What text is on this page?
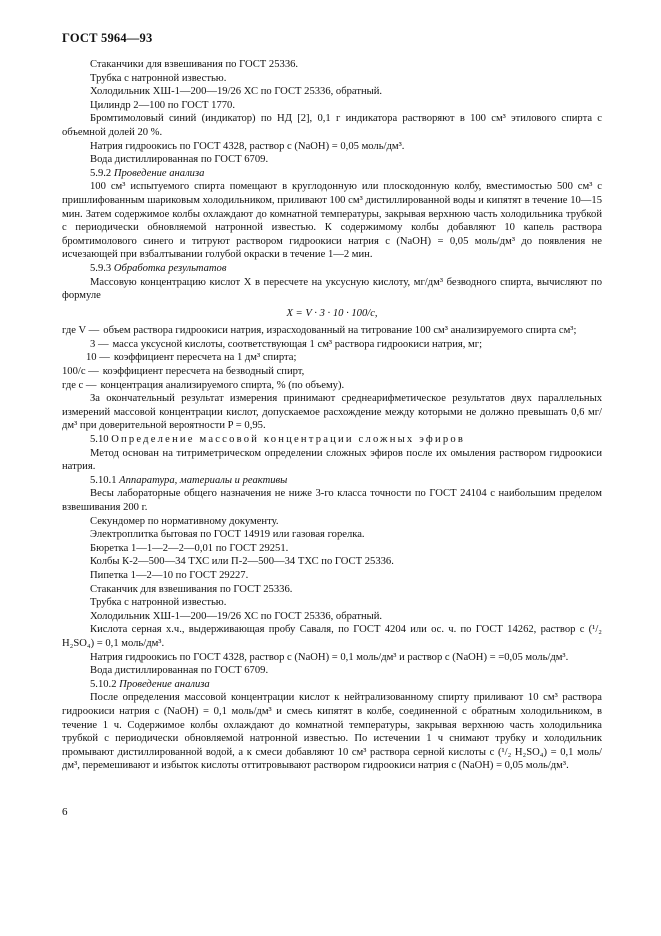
ГОСТ 5964—93

Стаканчики для взвешивания по ГОСТ 25336.

Трубка с натронной известью.

Холодильник ХШ-1—200—19/26 ХС по ГОСТ 25336, обратный.

Цилиндр 2—100 по ГОСТ 1770.

Бромтимоловый синий (индикатор) по НД [2], 0,1 г индикатора растворяют в 100 см³ этилового спирта с объемной долей 20 %.

Натрия гидроокись по ГОСТ 4328, раствор c (NaOH) = 0,05 моль/дм³.

Вода дистиллированная по ГОСТ 6709.

5.9.2 Проведение анализа

100 см³ испытуемого спирта помещают в круглодонную или плоскодонную колбу, вместимостью 500 см³ с пришлифованным шариковым холодильником, приливают 100 см³ дистиллированной воды и кипятят в течение 10—15 мин. Затем содержимое колбы охлаждают до комнатной температуры, закрывая верхнюю часть холодильника трубкой с периодически обновляемой натронной известью. К содержимому колбы добавляют 10 капель раствора бромтимолового синего и титруют раствором гидроокиси натрия c (NaOH) = 0,05 моль/дм³ до появления не исчезающей при взбалтывании голубой окраски в течение 1—2 мин.

5.9.3 Обработка результатов

Массовую концентрацию кислот X в пересчете на уксусную кислоту, мг/дм³ безводного спирта, вычисляют по формуле

X = V · 3 · 10 · 100/c,

где V — объем раствора гидроокиси натрия, израсходованный на титрование 100 см³ анализируемого спирта см³;
3 — масса уксусной кислоты, соответствующая 1 см³ раствора гидроокиси натрия, мг;
10 — коэффициент пересчета на 1 дм³ спирта;
100/c — коэффициент пересчета на безводный спирт,
где c — концентрация анализируемого спирта, % (по объему).

За окончательный результат измерения принимают среднеарифметическое результатов двух параллельных измерений массовой концентрации кислот, допускаемое расхождение между которыми не должно превышать 0,6 мг/дм³ при доверительной вероятности P = 0,95.

5.10 Определение массовой концентрации сложных эфиров

Метод основан на титриметрическом определении сложных эфиров после их омыления раствором гидроокиси натрия.

5.10.1 Аппаратура, материалы и реактивы

Весы лабораторные общего назначения не ниже 3-го класса точности по ГОСТ 24104 с наибольшим пределом взвешивания 200 г.

Секундомер по нормативному документу.

Электроплитка бытовая по ГОСТ 14919 или газовая горелка.

Бюретка 1—1—2—2—0,01 по ГОСТ 29251.

Колбы К-2—500—34 ТХС или П-2—500—34 ТХС по ГОСТ 25336.

Пипетка 1—2—10 по ГОСТ 29227.

Стаканчик для взвешивания по ГОСТ 25336.

Трубка с натронной известью.

Холодильник ХШ-1—200—19/26 ХС по ГОСТ 25336, обратный.

Кислота серная х.ч., выдерживающая пробу Саваля, по ГОСТ 4204 или ос. ч. по ГОСТ 14262, раствор c (¹/₂ H₂SO₄) = 0,1 моль/дм³.

Натрия гидроокись по ГОСТ 4328, раствор c (NaOH) = 0,1 моль/дм³ и раствор c (NaOH) = =0,05 моль/дм³.

Вода дистиллированная по ГОСТ 6709.

5.10.2 Проведение анализа

После определения массовой концентрации кислот к нейтрализованному спирту приливают 10 см³ раствора гидроокиси натрия c (NaOH) = 0,1 моль/дм³ и смесь кипятят в колбе, соединенной с обратным холодильником, в течение 1 ч. Содержимое колбы охлаждают до комнатной температуры, закрывая верхнюю часть холодильника трубкой с периодически обновляемой натронной известью. По истечении 1 ч снимают трубку и холодильник промывают дистиллированной водой, а к смеси добавляют 10 см³ раствора серной кислоты c (¹/₂ H₂SO₄) = 0,1 моль/дм³, перемешивают и избыток кислоты оттитровывают раствором гидроокиси натрия c (NaOH) = 0,05 моль/дм³.

6
